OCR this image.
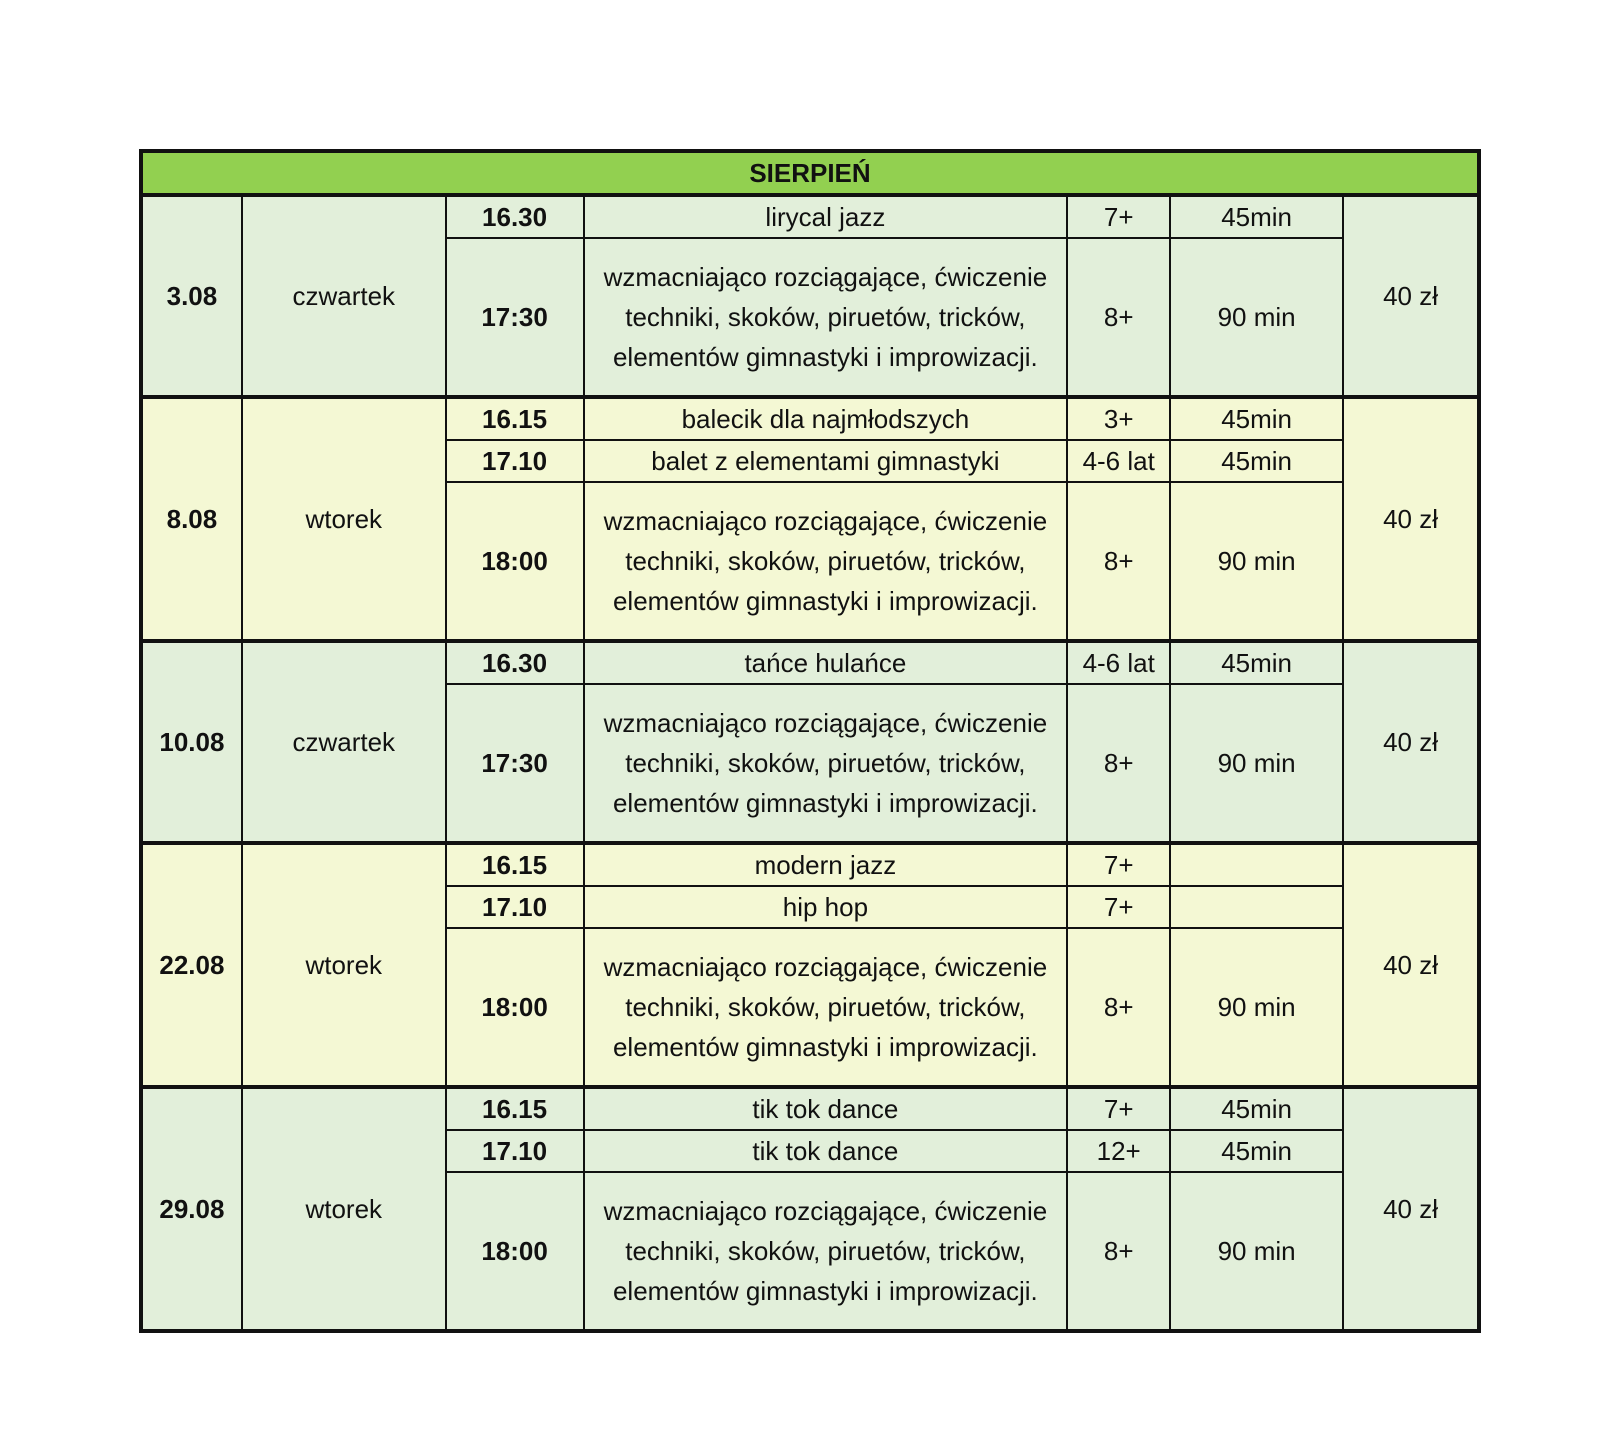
SIERPIEŃ						
3.08	czwartek	16.30	lirycal jazz	7+	45min	40 zł
		17:30	wzmacniająco rozciągające, ćwiczenie
techniki, skoków, piruetów, tricków,
elementów gimnastyki i improwizacji.	8+	90 min	
8.08	wtorek	16.15	balecik dla najmłodszych	3+	45min	40 zł
		17.10	balet z elementami gimnastyki	4-6 lat	45min	
		18:00	wzmacniająco rozciągające, ćwiczenie
techniki, skoków, piruetów, tricków,
elementów gimnastyki i improwizacji.	8+	90 min	
10.08	czwartek	16.30	tańce hulańce	4-6 lat	45min	40 zł
		17:30	wzmacniająco rozciągające, ćwiczenie
techniki, skoków, piruetów, tricków,
elementów gimnastyki i improwizacji.	8+	90 min	
22.08	wtorek	16.15	modern jazz	7+		40 zł
		17.10	hip hop	7+		
		18:00	wzmacniająco rozciągające, ćwiczenie
techniki, skoków, piruetów, tricków,
elementów gimnastyki i improwizacji.	8+	90 min	
29.08	wtorek	16.15	tik tok dance	7+	45min	40 zł
		17.10	tik tok dance	12+	45min	
		18:00	wzmacniająco rozciągające, ćwiczenie
techniki, skoków, piruetów, tricków,
elementów gimnastyki i improwizacji.	8+	90 min	
